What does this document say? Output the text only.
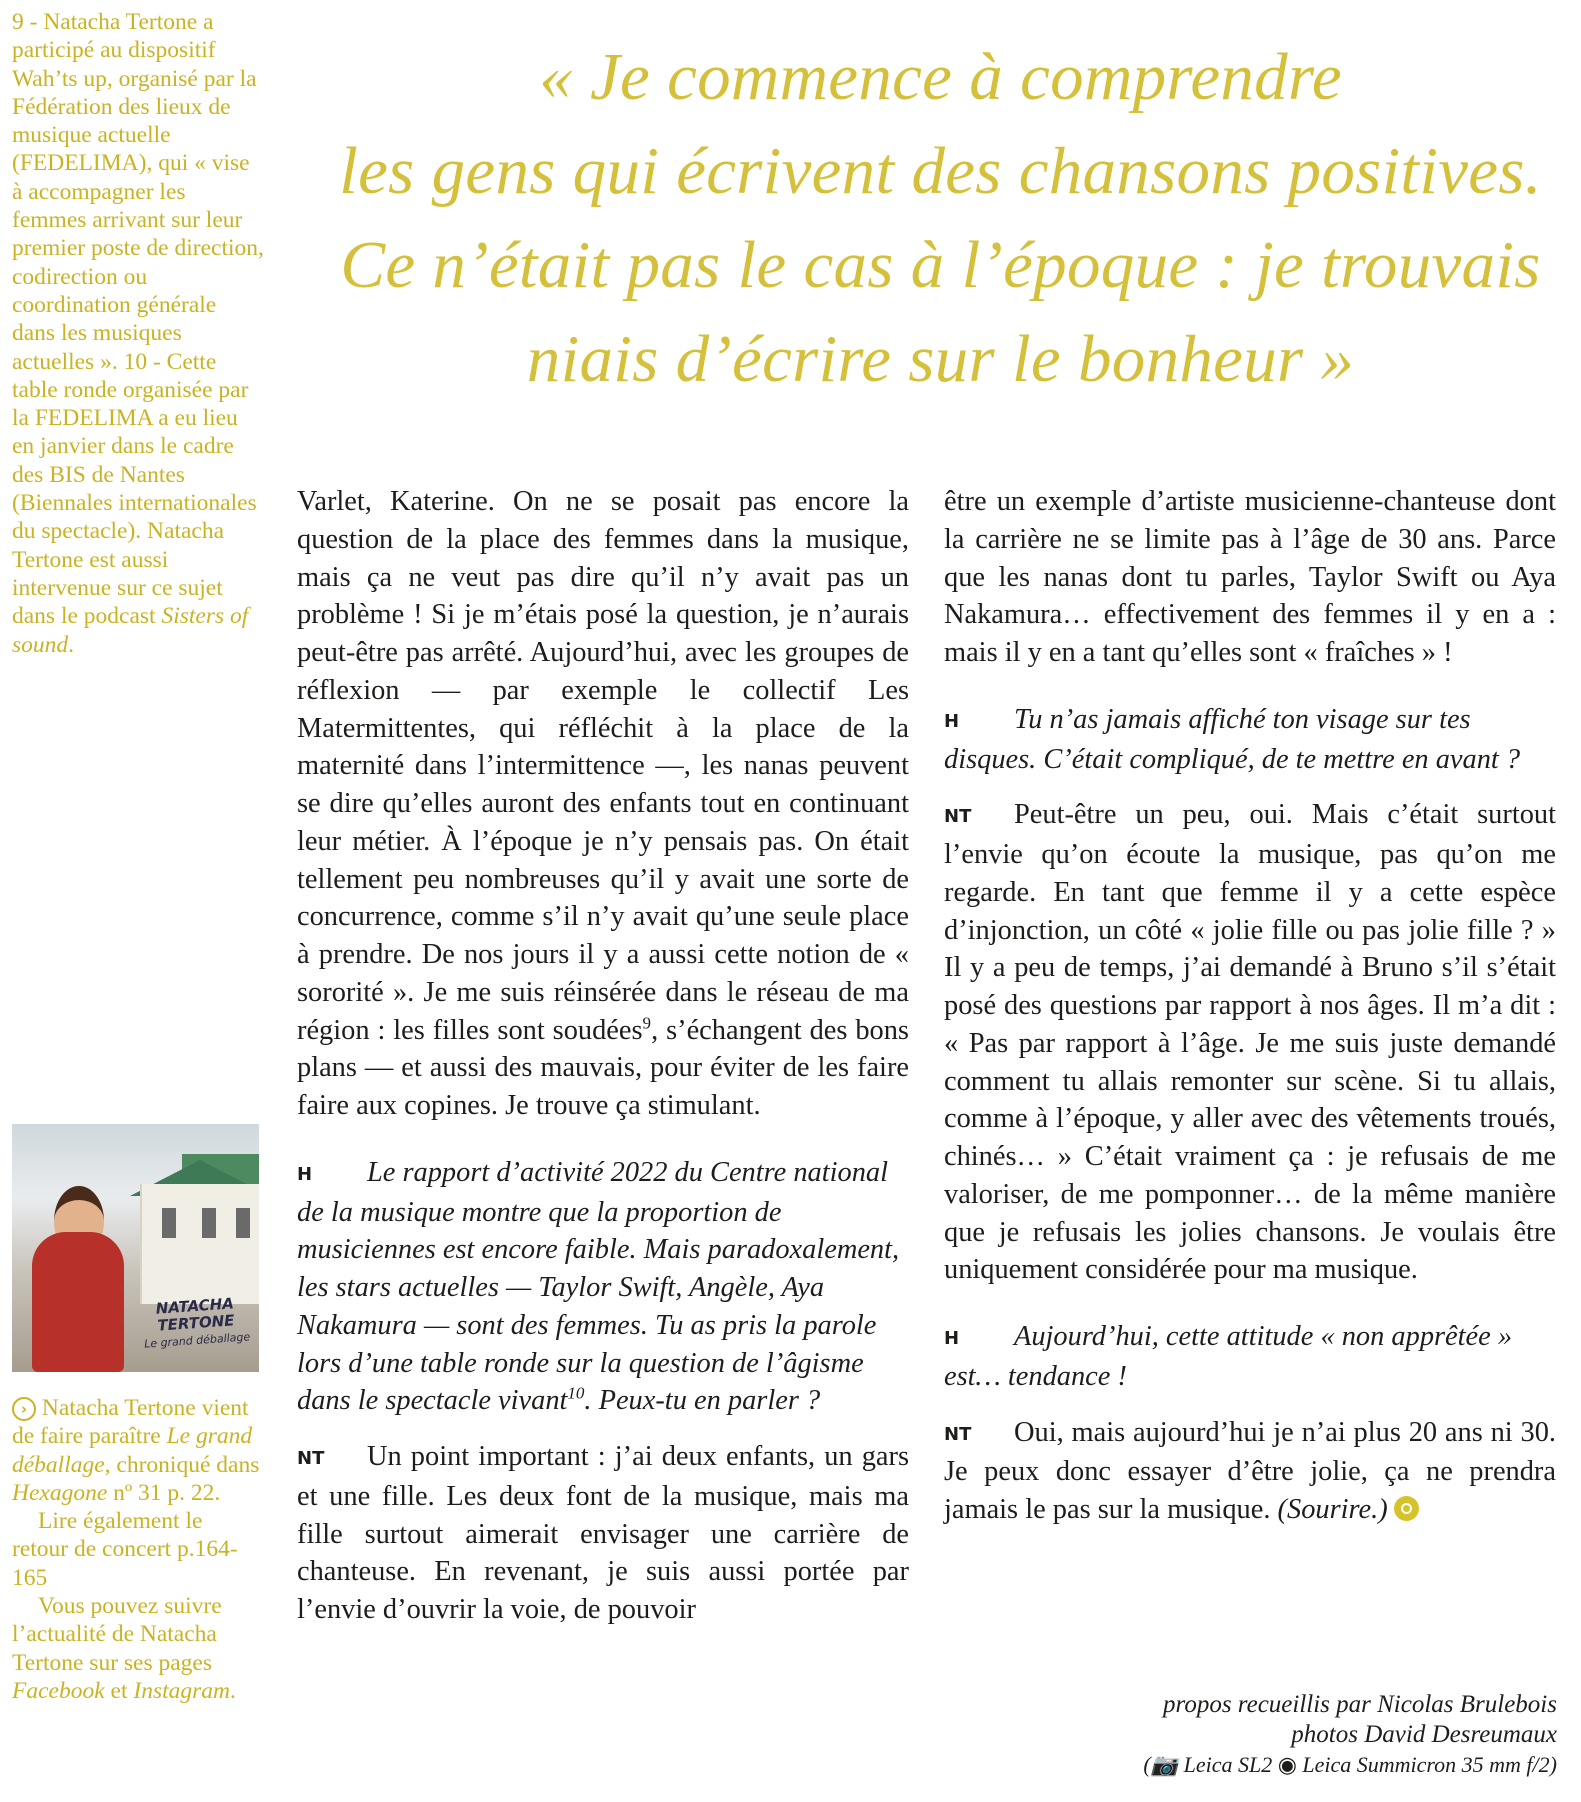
9 - Natacha Tertone a participé au dispositif Wah’ts up, organisé par la Fédération des lieux de musique actuelle (FEDELIMA), qui « vise à accompagner les femmes arrivant sur leur premier poste de direction, codirection ou coordination générale dans les musiques actuelles ». 10 - Cette table ronde organisée par la FEDELIMA a eu lieu en janvier dans le cadre des BIS de Nantes (Biennales internationales du spectacle). Natacha Tertone est aussi intervenue sur ce sujet dans le podcast Sisters of sound.

NATACHA TERTONE
Le grand déballage

› Natacha Tertone vient de faire paraître Le grand déballage, chroniqué dans Hexagone nº 31 p. 22.

Lire également le retour de concert p.164-165

Vous pouvez suivre l’actualité de Natacha Tertone sur ses pages Facebook et Instagram.

« Je commence à comprendre
les gens qui écrivent des chansons positives.
Ce n’était pas le cas à l’époque : je trouvais
niais d’écrire sur le bonheur »

Varlet, Katerine. On ne se posait pas encore la question de la place des femmes dans la musique, mais ça ne veut pas dire qu’il n’y avait pas un problème ! Si je m’étais posé la question, je n’aurais peut-être pas arrêté. Aujourd’hui, avec les groupes de réflexion — par exemple le collectif Les Matermittentes, qui réfléchit à la place de la maternité dans l’intermittence —, les nanas peuvent se dire qu’elles auront des enfants tout en continuant leur métier. À l’époque je n’y pensais pas. On était tellement peu nombreuses qu’il y avait une sorte de concurrence, comme s’il n’y avait qu’une seule place à prendre. De nos jours il y a aussi cette notion de « sororité ». Je me suis réinsérée dans le réseau de ma région : les filles sont soudées$^9$, s’échangent des bons plans — et aussi des mauvais, pour éviter de les faire faire aux copines. Je trouve ça stimulant.

H Le rapport d’activité 2022 du Centre national de la musique montre que la proportion de musiciennes est encore faible. Mais paradoxalement, les stars actuelles — Taylor Swift, Angèle, Aya Nakamura — sont des femmes. Tu as pris la parole lors d’une table ronde sur la question de l’âgisme dans le spectacle vivant$^{10}$. Peux-tu en parler ?

NT Un point important : j’ai deux enfants, un gars et une fille. Les deux font de la musique, mais ma fille surtout aimerait envisager une carrière de chanteuse. En revenant, je suis aussi portée par l’envie d’ouvrir la voie, de pouvoir

être un exemple d’artiste musicienne-chanteuse dont la carrière ne se limite pas à l’âge de 30 ans. Parce que les nanas dont tu parles, Taylor Swift ou Aya Nakamura… effectivement des femmes il y en a : mais il y en a tant qu’elles sont « fraîches » !

H Tu n’as jamais affiché ton visage sur tes disques. C’était compliqué, de te mettre en avant ?

NT Peut-être un peu, oui. Mais c’était surtout l’envie qu’on écoute la musique, pas qu’on me regarde. En tant que femme il y a cette espèce d’injonction, un côté « jolie fille ou pas jolie fille ? » Il y a peu de temps, j’ai demandé à Bruno s’il s’était posé des questions par rapport à nos âges. Il m’a dit : « Pas par rapport à l’âge. Je me suis juste demandé comment tu allais remonter sur scène. Si tu allais, comme à l’époque, y aller avec des vêtements troués, chinés… » C’était vraiment ça : je refusais de me valoriser, de me pomponner… de la même manière que je refusais les jolies chansons. Je voulais être uniquement considérée pour ma musique.

H Aujourd’hui, cette attitude « non apprêtée » est… tendance !

NT Oui, mais aujourd’hui je n’ai plus 20 ans ni 30. Je peux donc essayer d’être jolie, ça ne prendra jamais le pas sur la musique. (Sourire.)

propos recueillis par Nicolas Brulebois
photos David Desreumaux
(📷 Leica SL2 ◉ Leica Summicron 35 mm f/2)
